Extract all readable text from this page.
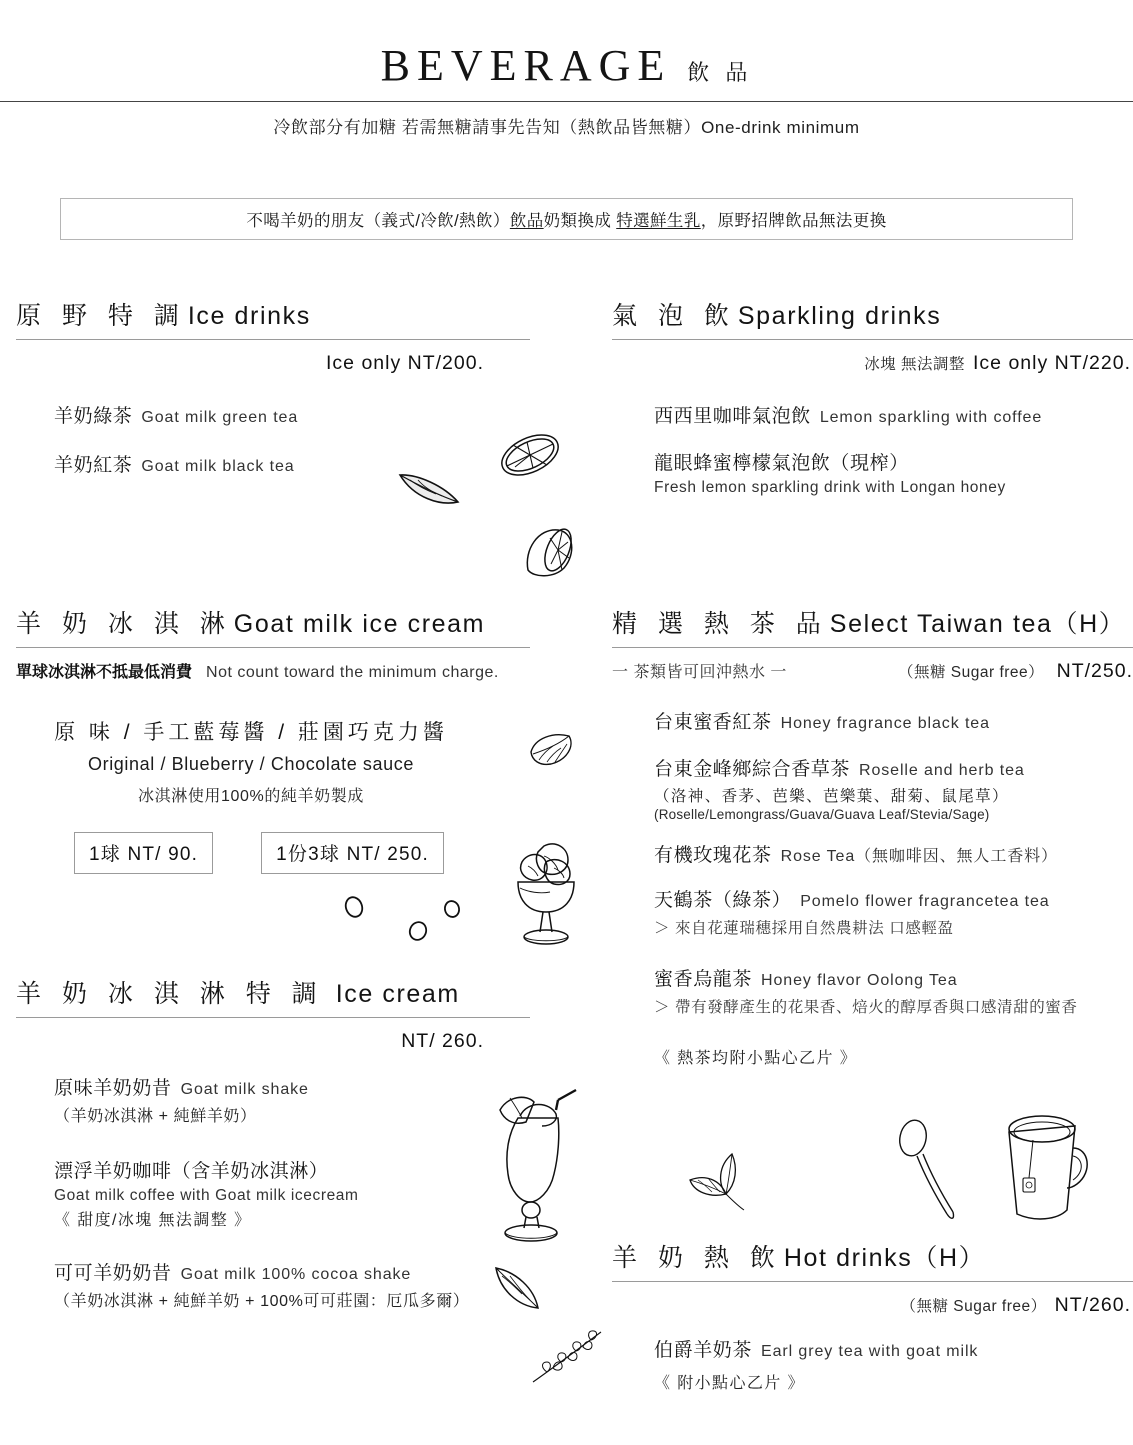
BEVERAGE 飲 品
冷飲部分有加糖 若需無糖請事先告知（熱飲品皆無糖）One-drink minimum
不喝羊奶的朋友（義式/冷飲/熱飲）飲品奶類換成 特選鮮生乳，原野招牌飲品無法更換
原 野 特 調 Ice drinks
Ice only NT/200.
羊奶綠茶 Goat milk green tea
羊奶紅茶 Goat milk black tea
羊 奶 冰 淇 淋 Goat milk ice cream
單球冰淇淋不抵最低消費 Not count toward the minimum charge.
原 味 / 手工藍莓醬 / 莊園巧克力醬
Original / Blueberry / Chocolate sauce
冰淇淋使用100%的純羊奶製成
1球 NT/ 90.	1份3球 NT/ 250.
羊 奶 冰 淇 淋 特 調 Ice cream
NT/ 260.
原味羊奶奶昔 Goat milk shake
（羊奶冰淇淋 + 純鮮羊奶）
漂浮羊奶咖啡（含羊奶冰淇淋）
Goat milk coffee with Goat milk icecream
《 甜度/冰塊 無法調整 》
可可羊奶奶昔 Goat milk 100% cocoa shake
（羊奶冰淇淋 + 純鮮羊奶 + 100%可可莊園：厄瓜多爾）
氣 泡 飲 Sparkling drinks
冰塊 無法調整 Ice only NT/220.
西西里咖啡氣泡飲 Lemon sparkling with coffee
龍眼蜂蜜檸檬氣泡飲（現榨）
Fresh lemon sparkling drink with Longan honey
精 選 熱 茶 品 Select Taiwan tea（H）
一 茶類皆可回沖熱水 一	（無糖 Sugar free） NT/250.
台東蜜香紅茶 Honey fragrance black tea
台東金峰鄉綜合香草茶 Roselle and herb tea
（洛神、香茅、芭樂、芭樂葉、甜菊、鼠尾草）
(Roselle/Lemongrass/Guava/Guava Leaf/Stevia/Sage)
有機玫瑰花茶 Rose Tea（無咖啡因、無人工香料）
天鶴茶（綠茶） Pomelo flower fragrancetea tea
＞ 來自花蓮瑞穗採用自然農耕法 口感輕盈
蜜香烏龍茶 Honey flavor Oolong Tea
＞ 帶有發酵產生的花果香、焙火的醇厚香與口感清甜的蜜香
《 熱茶均附小點心乙片 》
羊 奶 熱 飲 Hot drinks（H）
（無糖 Sugar free） NT/260.
伯爵羊奶茶 Earl grey tea with goat milk
《 附小點心乙片 》
